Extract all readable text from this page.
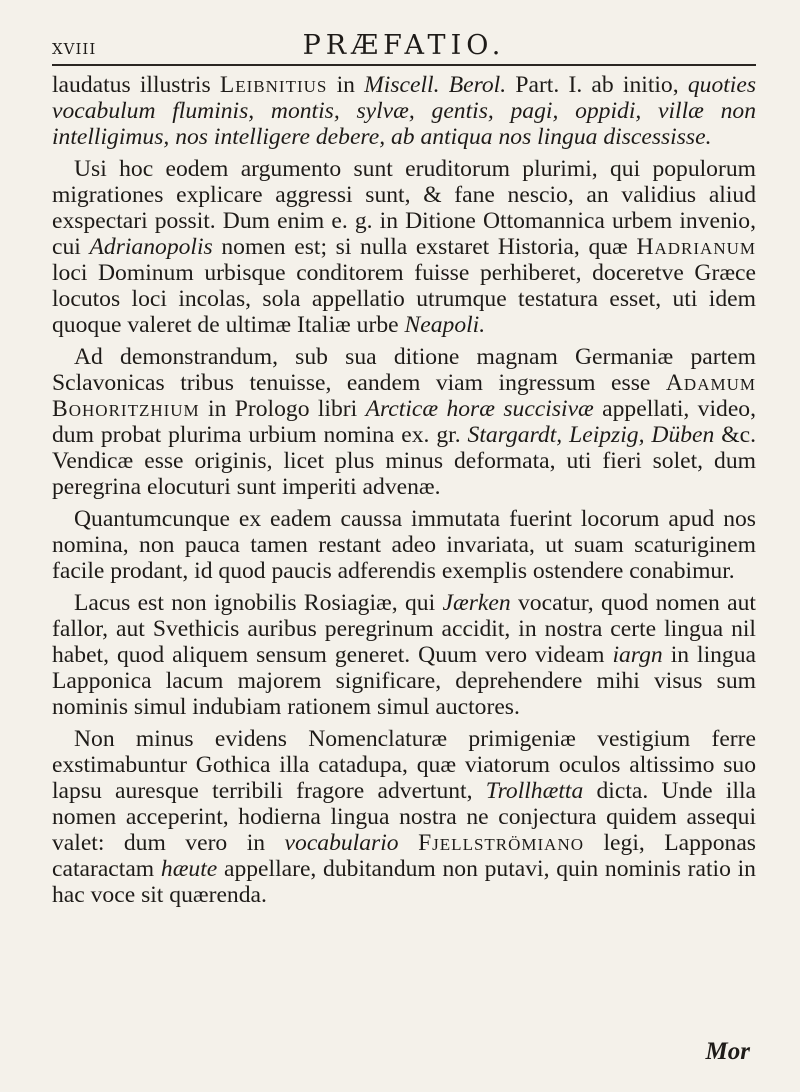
XVIII	PRÆFATIO.

laudatus illustris Leibnitius in Miscell. Berol. Part. I. ab initio, quoties vocabulum fluminis, montis, sylvæ, gentis, pagi, oppidi, villæ non intelligimus, nos intelligere debere, ab antiqua nos lingua discessisse.

Usi hoc eodem argumento sunt eruditorum plurimi, qui populorum migrationes explicare aggressi sunt, & fane nescio, an validius aliud exspectari possit. Dum enim e. g. in Ditione Ottomannica urbem invenio, cui Adrianopolis nomen est; si nulla exstaret Historia, quæ Hadrianum loci Dominum urbisque conditorem fuisse perhiberet, doceretve Græce locutos loci incolas, sola appellatio utrumque testatura esset, uti idem quoque valeret de ultimæ Italiæ urbe Neapoli.

Ad demonstrandum, sub sua ditione magnam Germaniæ partem Sclavonicas tribus tenuisse, eandem viam ingressum esse Adamum Bohoritzhium in Prologo libri Arcticæ horæ succisivæ appellati, video, dum probat plurima urbium nomina ex. gr. Stargardt, Leipzig, Düben &c. Vendicæ esse originis, licet plus minus deformata, uti fieri solet, dum peregrina elocuturi sunt imperiti advenæ.

Quantumcunque ex eadem caussa immutata fuerint locorum apud nos nomina, non pauca tamen restant adeo invariata, ut suam scaturiginem facile prodant, id quod paucis adferendis exemplis ostendere conabimur.

Lacus est non ignobilis Rosiagiæ, qui Jærken vocatur, quod nomen aut fallor, aut Svethicis auribus peregrinum accidit, in nostra certe lingua nil habet, quod aliquem sensum generet. Quum vero videam iargn in lingua Lapponica lacum majorem significare, deprehendere mihi visus sum nominis simul indubiam rationem simul auctores.

Non minus evidens Nomenclaturæ primigeniæ vestigium ferre exstimabuntur Gothica illa catadupa, quæ viatorum oculos altissimo suo lapsu auresque terribili fragore advertunt, Trollhætta dicta. Unde illa nomen acceperint, hodierna lingua nostra ne conjectura quidem assequi valet: dum vero in vocabulario Fjellströmiano legi, Lapponas cataractam hæute appellare, dubitandum non putavi, quin nominis ratio in hac voce sit quærenda.

Mor
